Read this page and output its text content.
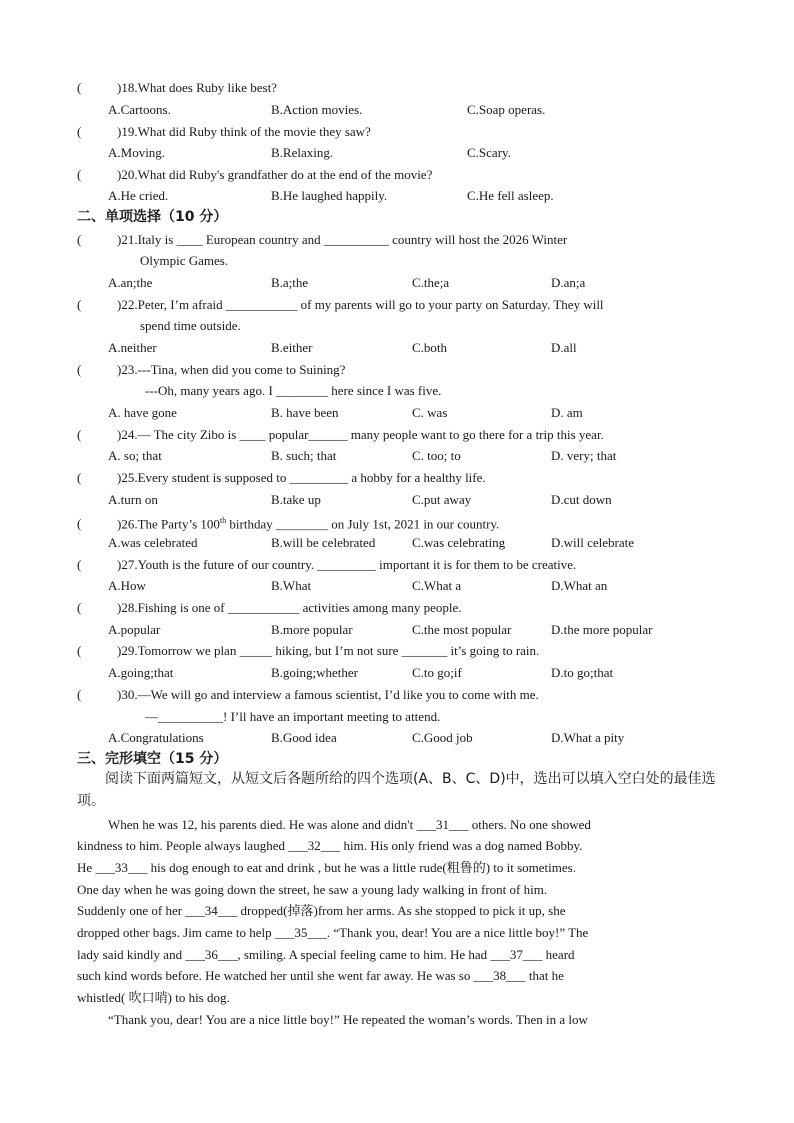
(	)18.What does Ruby like best?
A.Cartoons.	B.Action movies.	C.Soap operas.
(	)19.What did Ruby think of the movie they saw?
A.Moving.	B.Relaxing.	C.Scary.
(	)20.What did Ruby's grandfather do at the end of the movie?
A.He cried.	B.He laughed happily.	C.He fell asleep.
二、单项选择（10 分）
(	)21.Italy is ____ European country and __________ country will host the 2026 Winter
Olympic Games.
A.an;the	B.a;the	C.the;a	D.an;a
(	)22.Peter, I’m afraid ___________ of my parents will go to your party on Saturday. They will
spend time outside.
A.neither	B.either	C.both	D.all
(	)23.---Tina, when did you come to Suining?
---Oh, many years ago. I ________ here since I was five.
A. have gone	B. have been	C. was	D. am
(	)24.— The city Zibo is ____ popular______ many people want to go there for a trip this year.
A. so; that	B. such; that	C. too; to	D. very; that
(	)25.Every student is supposed to _________ a hobby for a healthy life.
A.turn on	B.take up	C.put away	D.cut down
(	)26.The Party’s 100th birthday ________ on July 1st, 2021 in our country.
A.was celebrated	B.will be celebrated	C.was celebrating	D.will celebrate
(	)27.Youth is the future of our country. _________ important it is for them to be creative.
A.How	B.What	C.What a	D.What an
(	)28.Fishing is one of ___________ activities among many people.
A.popular	B.more popular	C.the most popular	D.the more popular
(	)29.Tomorrow we plan _____ hiking, but I’m not sure _______ it’s going to rain.
A.going;that	B.going;whether	C.to go;if	D.to go;that
(	)30.—We will go and interview a famous scientist, I’d like you to come with me.
—__________! I’ll have an important meeting to attend.
A.Congratulations	B.Good idea	C.Good job	D.What a pity
三、完形填空（15 分）
阅读下面两篇短文，从短文后各题所给的四个选项(A、B、C、D)中，选出可以填入空白处的最佳选项。
When he was 12, his parents died. He was alone and didn't ___31___ others. No one showed
kindness to him. People always laughed ___32___ him. His only friend was a dog named Bobby.
He ___33___ his dog enough to eat and drink , but he was a little rude(粗鲁的) to it sometimes.
One day when he was going down the street, he saw a young lady walking in front of him.
Suddenly one of her ___34___ dropped(掉落)from her arms. As she stopped to pick it up, she
dropped other bags. Jim came to help ___35___. “Thank you, dear! You are a nice little boy!” The
lady said kindly and ___36___, smiling. A special feeling came to him. He had ___37___ heard
such kind words before. He watched her until she went far away. He was so ___38___ that he
whistled( 吹口哨) to his dog.
“Thank you, dear! You are a nice little boy!” He repeated the woman’s words. Then in a low
